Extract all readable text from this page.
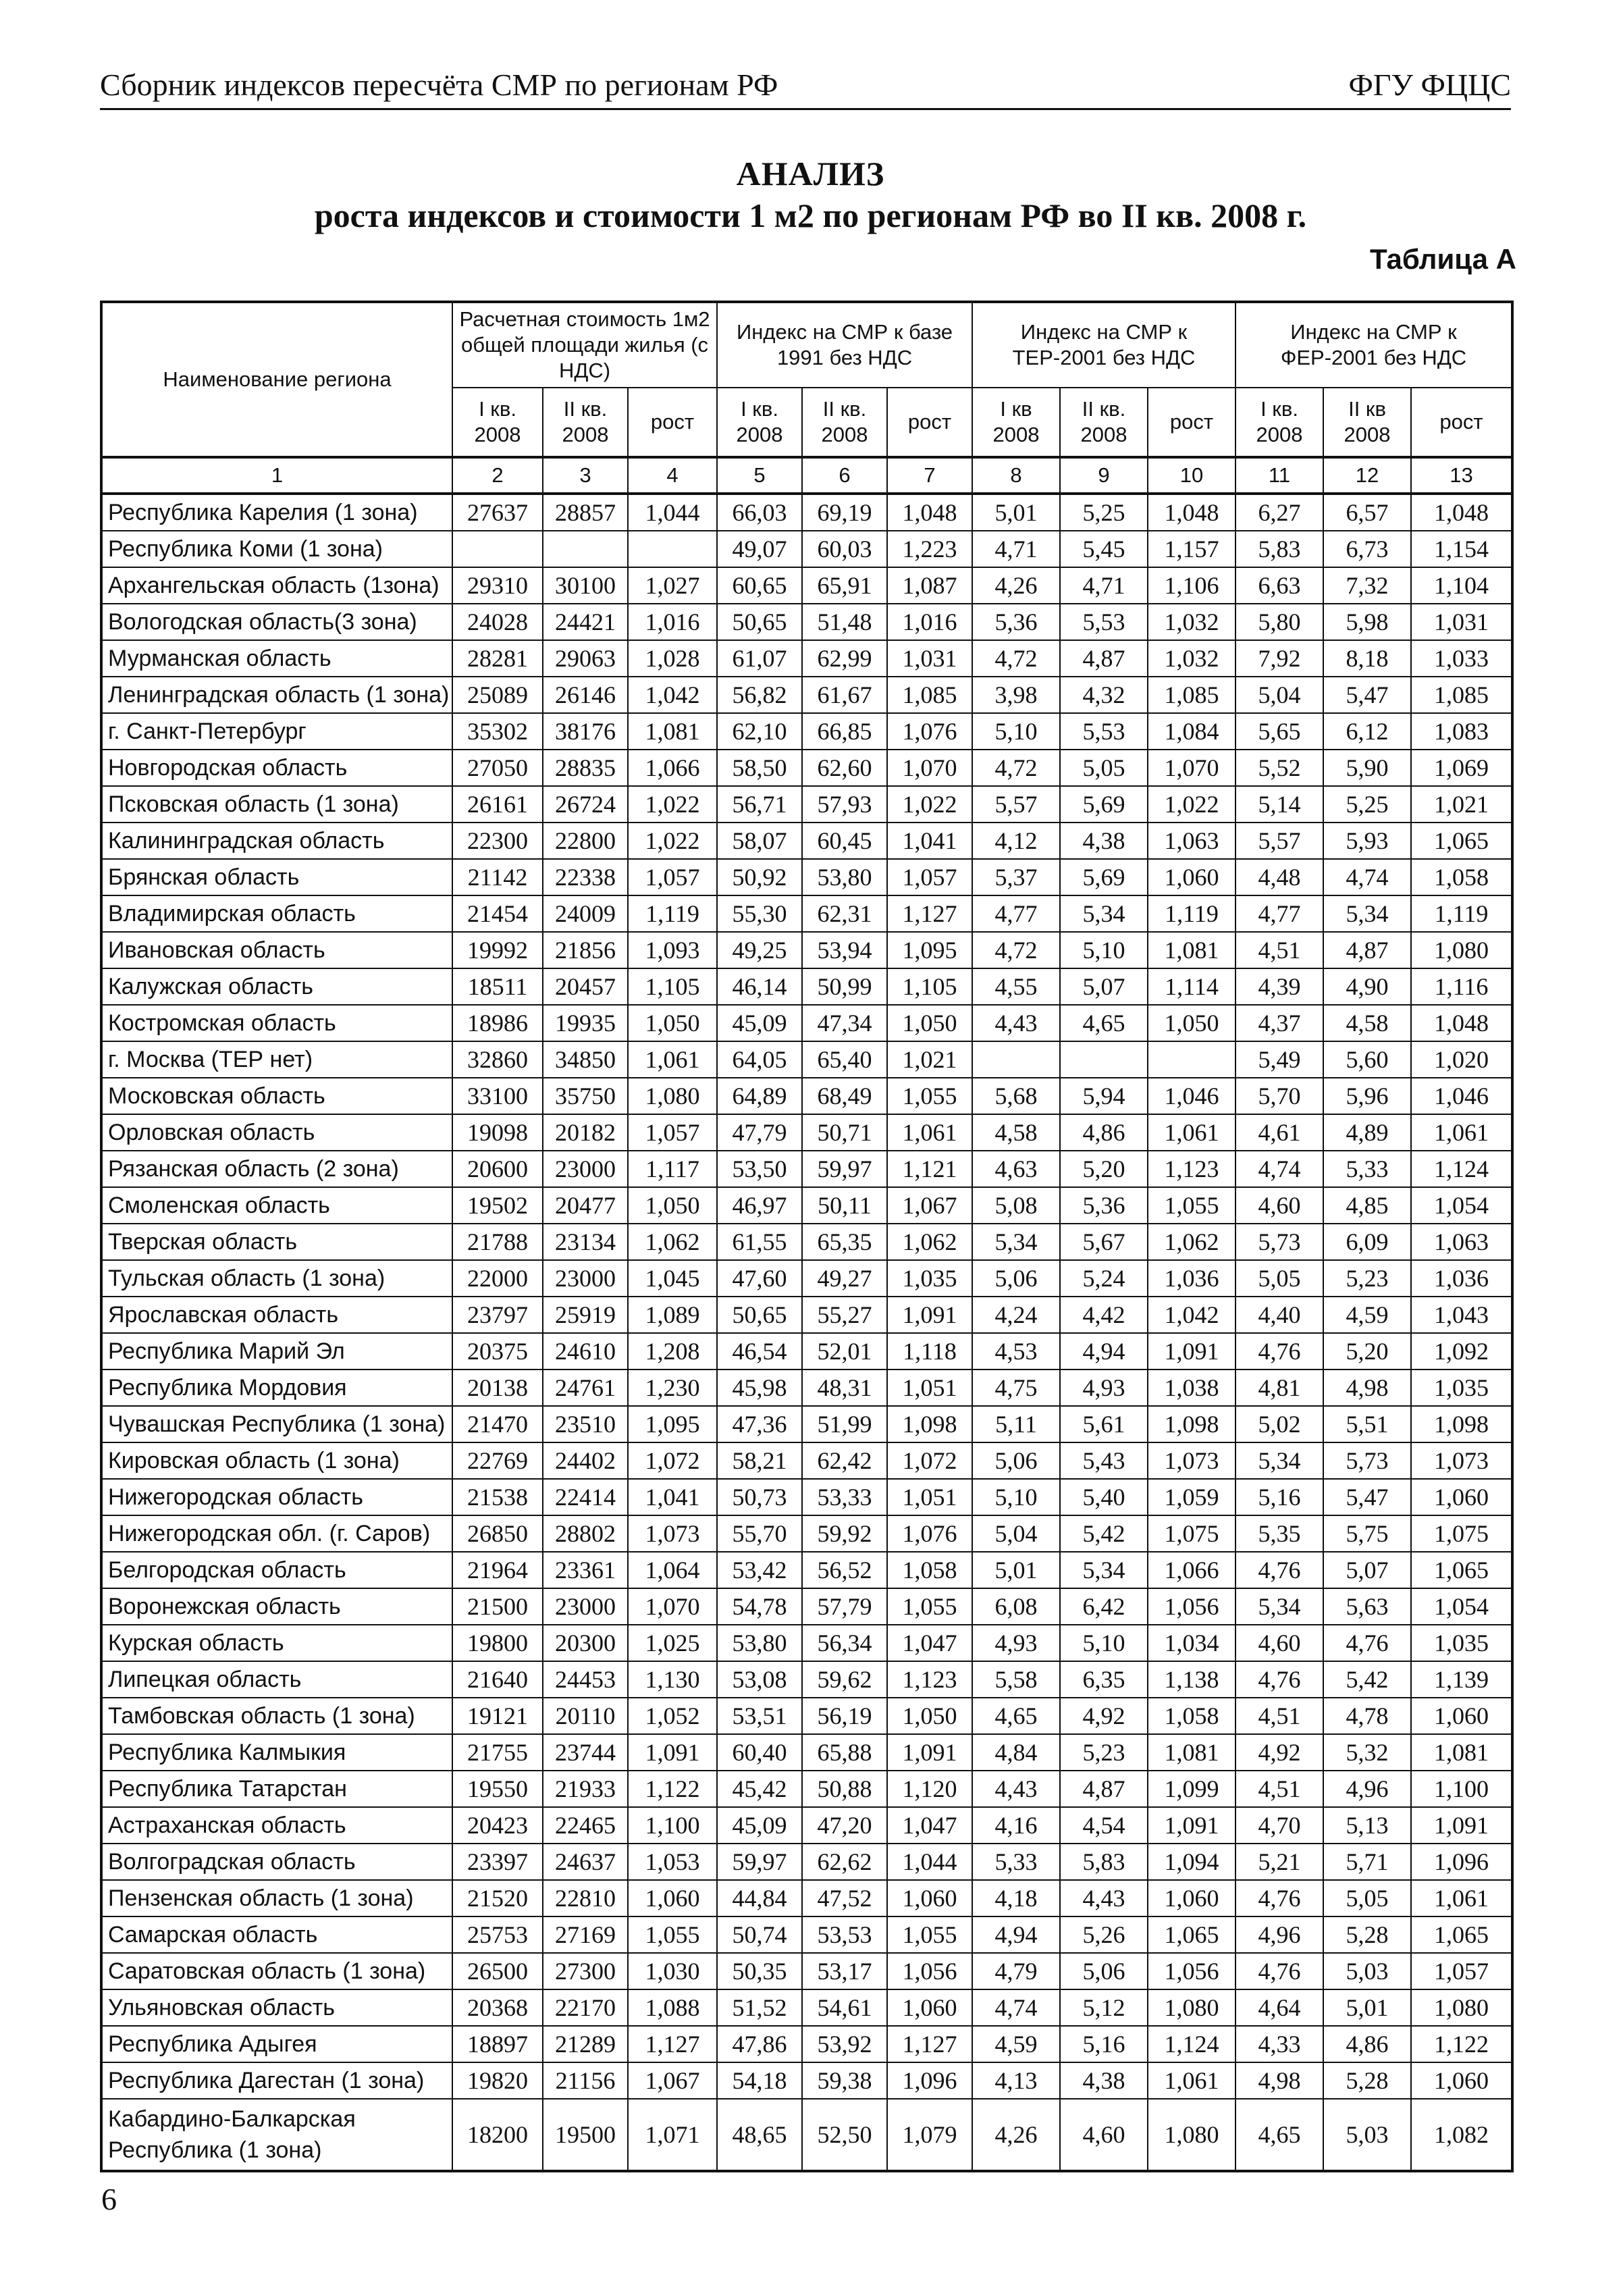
Сборник индексов пересчёта СМР по регионам РФ	ФГУ ФЦЦС
АНАЛИЗ
роста индексов и стоимости 1 м2 по регионам РФ во II кв. 2008 г.
Таблица А
Наименование региона	Расчетная стоимость 1м2 общей площади жилья (с НДС)			Индекс на СМР к базе 1991 без НДС			Индекс на СМР к ТЕР-2001 без НДС			Индекс на СМР к ФЕР-2001 без НДС		
	I кв. 2008	II кв. 2008	рост	I кв. 2008	II кв. 2008	рост	I кв 2008	II кв. 2008	рост	I кв. 2008	II кв 2008	рост
1	2	3	4	5	6	7	8	9	10	11	12	13
Республика Карелия (1 зона)	27637	28857	1,044	66,03	69,19	1,048	5,01	5,25	1,048	6,27	6,57	1,048
Республика Коми (1 зона)				49,07	60,03	1,223	4,71	5,45	1,157	5,83	6,73	1,154
Архангельская область (1зона)	29310	30100	1,027	60,65	65,91	1,087	4,26	4,71	1,106	6,63	7,32	1,104
Вологодская область(3 зона)	24028	24421	1,016	50,65	51,48	1,016	5,36	5,53	1,032	5,80	5,98	1,031
Мурманская область	28281	29063	1,028	61,07	62,99	1,031	4,72	4,87	1,032	7,92	8,18	1,033
Ленинградская область (1 зона)	25089	26146	1,042	56,82	61,67	1,085	3,98	4,32	1,085	5,04	5,47	1,085
г. Санкт-Петербург	35302	38176	1,081	62,10	66,85	1,076	5,10	5,53	1,084	5,65	6,12	1,083
Новгородская область	27050	28835	1,066	58,50	62,60	1,070	4,72	5,05	1,070	5,52	5,90	1,069
Псковская область (1 зона)	26161	26724	1,022	56,71	57,93	1,022	5,57	5,69	1,022	5,14	5,25	1,021
Калининградская область	22300	22800	1,022	58,07	60,45	1,041	4,12	4,38	1,063	5,57	5,93	1,065
Брянская область	21142	22338	1,057	50,92	53,80	1,057	5,37	5,69	1,060	4,48	4,74	1,058
Владимирская область	21454	24009	1,119	55,30	62,31	1,127	4,77	5,34	1,119	4,77	5,34	1,119
Ивановская область	19992	21856	1,093	49,25	53,94	1,095	4,72	5,10	1,081	4,51	4,87	1,080
Калужская область	18511	20457	1,105	46,14	50,99	1,105	4,55	5,07	1,114	4,39	4,90	1,116
Костромская область	18986	19935	1,050	45,09	47,34	1,050	4,43	4,65	1,050	4,37	4,58	1,048
г. Москва (ТЕР нет)	32860	34850	1,061	64,05	65,40	1,021				5,49	5,60	1,020
Московская область	33100	35750	1,080	64,89	68,49	1,055	5,68	5,94	1,046	5,70	5,96	1,046
Орловская область	19098	20182	1,057	47,79	50,71	1,061	4,58	4,86	1,061	4,61	4,89	1,061
Рязанская область (2 зона)	20600	23000	1,117	53,50	59,97	1,121	4,63	5,20	1,123	4,74	5,33	1,124
Смоленская область	19502	20477	1,050	46,97	50,11	1,067	5,08	5,36	1,055	4,60	4,85	1,054
Тверская область	21788	23134	1,062	61,55	65,35	1,062	5,34	5,67	1,062	5,73	6,09	1,063
Тульская область (1 зона)	22000	23000	1,045	47,60	49,27	1,035	5,06	5,24	1,036	5,05	5,23	1,036
Ярославская область	23797	25919	1,089	50,65	55,27	1,091	4,24	4,42	1,042	4,40	4,59	1,043
Республика Марий Эл	20375	24610	1,208	46,54	52,01	1,118	4,53	4,94	1,091	4,76	5,20	1,092
Республика Мордовия	20138	24761	1,230	45,98	48,31	1,051	4,75	4,93	1,038	4,81	4,98	1,035
Чувашская Республика (1 зона)	21470	23510	1,095	47,36	51,99	1,098	5,11	5,61	1,098	5,02	5,51	1,098
Кировская область (1 зона)	22769	24402	1,072	58,21	62,42	1,072	5,06	5,43	1,073	5,34	5,73	1,073
Нижегородская область	21538	22414	1,041	50,73	53,33	1,051	5,10	5,40	1,059	5,16	5,47	1,060
Нижегородская обл. (г. Саров)	26850	28802	1,073	55,70	59,92	1,076	5,04	5,42	1,075	5,35	5,75	1,075
Белгородская область	21964	23361	1,064	53,42	56,52	1,058	5,01	5,34	1,066	4,76	5,07	1,065
Воронежская область	21500	23000	1,070	54,78	57,79	1,055	6,08	6,42	1,056	5,34	5,63	1,054
Курская область	19800	20300	1,025	53,80	56,34	1,047	4,93	5,10	1,034	4,60	4,76	1,035
Липецкая область	21640	24453	1,130	53,08	59,62	1,123	5,58	6,35	1,138	4,76	5,42	1,139
Тамбовская область (1 зона)	19121	20110	1,052	53,51	56,19	1,050	4,65	4,92	1,058	4,51	4,78	1,060
Республика Калмыкия	21755	23744	1,091	60,40	65,88	1,091	4,84	5,23	1,081	4,92	5,32	1,081
Республика Татарстан	19550	21933	1,122	45,42	50,88	1,120	4,43	4,87	1,099	4,51	4,96	1,100
Астраханская область	20423	22465	1,100	45,09	47,20	1,047	4,16	4,54	1,091	4,70	5,13	1,091
Волгоградская область	23397	24637	1,053	59,97	62,62	1,044	5,33	5,83	1,094	5,21	5,71	1,096
Пензенская область (1 зона)	21520	22810	1,060	44,84	47,52	1,060	4,18	4,43	1,060	4,76	5,05	1,061
Самарская область	25753	27169	1,055	50,74	53,53	1,055	4,94	5,26	1,065	4,96	5,28	1,065
Саратовская область (1 зона)	26500	27300	1,030	50,35	53,17	1,056	4,79	5,06	1,056	4,76	5,03	1,057
Ульяновская область	20368	22170	1,088	51,52	54,61	1,060	4,74	5,12	1,080	4,64	5,01	1,080
Республика Адыгея	18897	21289	1,127	47,86	53,92	1,127	4,59	5,16	1,124	4,33	4,86	1,122
Республика Дагестан (1 зона)	19820	21156	1,067	54,18	59,38	1,096	4,13	4,38	1,061	4,98	5,28	1,060
Кабардино-Балкарская Республика (1 зона)	18200	19500	1,071	48,65	52,50	1,079	4,26	4,60	1,080	4,65	5,03	1,082
6
